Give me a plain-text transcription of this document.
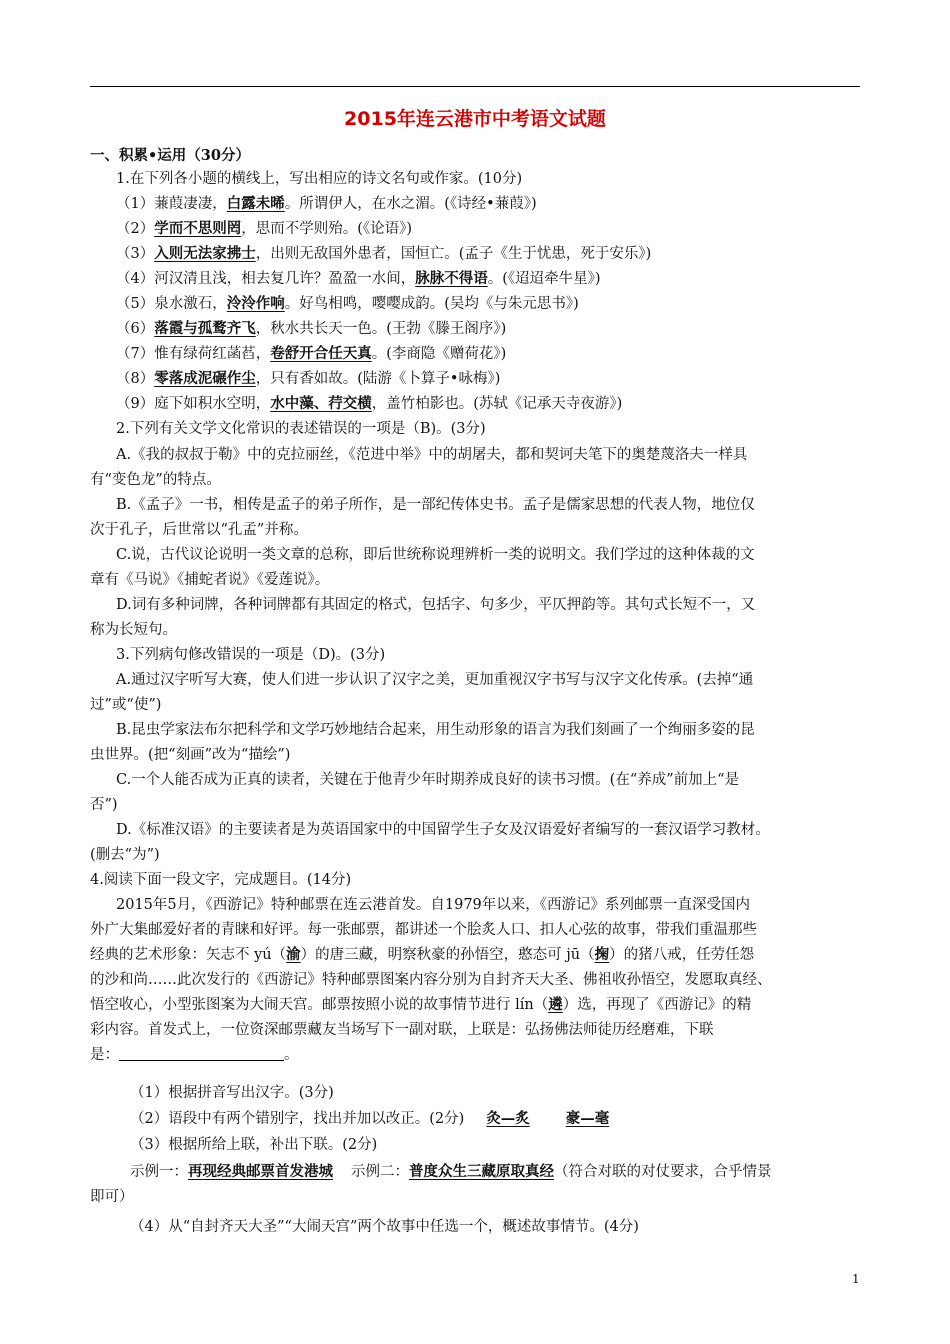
2015年连云港市中考语文试题
一、积累•运用（30分）
1.在下列各小题的横线上，写出相应的诗文名句或作家。(10分)
（1）蒹葭凄凄，白露未晞。所谓伊人，在水之湄。(《诗经•蒹葭》)
（2）学而不思则罔，思而不学则殆。(《论语》)
（3）入则无法家拂士，出则无敌国外患者，国恒亡。(孟子《生于忧患，死于安乐》)
（4）河汉清且浅，相去复几许？盈盈一水间，脉脉不得语。(《迢迢牵牛星》)
（5）泉水激石，泠泠作响。好鸟相鸣，嘤嘤成韵。(吴均《与朱元思书》)
（6）落霞与孤鹜齐飞，秋水共长天一色。(王勃《滕王阁序》)
（7）惟有绿荷红菡萏，卷舒开合任天真。(李商隐《赠荷花》)
（8）零落成泥碾作尘，只有香如故。(陆游《卜算子•咏梅》)
（9）庭下如积水空明，水中藻、荇交横，盖竹柏影也。(苏轼《记承天寺夜游》)
2.下列有关文学文化常识的表述错误的一项是（B)。(3分)
A.《我的叔叔于勒》中的克拉丽丝，《范进中举》中的胡屠夫，都和契诃夫笔下的奥楚蔑洛夫一样具
有“变色龙”的特点。
B.《孟子》一书，相传是孟子的弟子所作，是一部纪传体史书。孟子是儒家思想的代表人物，地位仅
次于孔子，后世常以“孔孟”并称。
C.说，古代议论说明一类文章的总称，即后世统称说理辨析一类的说明文。我们学过的这种体裁的文
章有《马说》《捕蛇者说》《爱莲说》。
D.词有多种词牌，各种词牌都有其固定的格式，包括字、句多少，平仄押韵等。其句式长短不一，又
称为长短句。
3.下列病句修改错误的一项是（D)。(3分)
A.通过汉字听写大赛，使人们进一步认识了汉字之美，更加重视汉字书写与汉字文化传承。(去掉“通
过”或“使”)
B.昆虫学家法布尔把科学和文学巧妙地结合起来，用生动形象的语言为我们刻画了一个绚丽多姿的昆
虫世界。(把“刻画”改为“描绘”)
C.一个人能否成为正真的读者，关键在于他青少年时期养成良好的读书习惯。(在“养成”前加上“是
否”)
D.《标准汉语》的主要读者是为英语国家中的中国留学生子女及汉语爱好者编写的一套汉语学习教材。
(删去“为”)
4.阅读下面一段文字，完成题目。(14分)
2015年5月，《西游记》特种邮票在连云港首发。自1979年以来，《西游记》系列邮票一直深受国内
外广大集邮爱好者的青睐和好评。每一张邮票，都讲述一个脍炙人口、扣人心弦的故事，带我们重温那些
经典的艺术形象：矢志不 yú（渝）的唐三藏，明察秋豪的孙悟空，憨态可 jū（掬）的猪八戒，任劳任怨
的沙和尚……此次发行的《西游记》特种邮票图案内容分别为自封齐天大圣、佛祖收孙悟空，发愿取真经、
悟空收心，小型张图案为大闹天宫。邮票按照小说的故事情节进行 lín（遴）选，再现了《西游记》的精
彩内容。首发式上，一位资深邮票藏友当场写下一副对联，上联是：弘扬佛法师徒历经磨难，下联
是：	。
（1）根据拼音写出汉字。(3分)
（2）语段中有两个错别字，找出并加以改正。(2分) 灸—炙 豪—毫
（3）根据所给上联，补出下联。(2分)
示例一：再现经典邮票首发港城 示例二：普度众生三藏原取真经（符合对联的对仗要求，合乎情景
即可）
（4）从“自封齐天大圣”“大闹天宫”两个故事中任选一个，概述故事情节。(4分)
1
